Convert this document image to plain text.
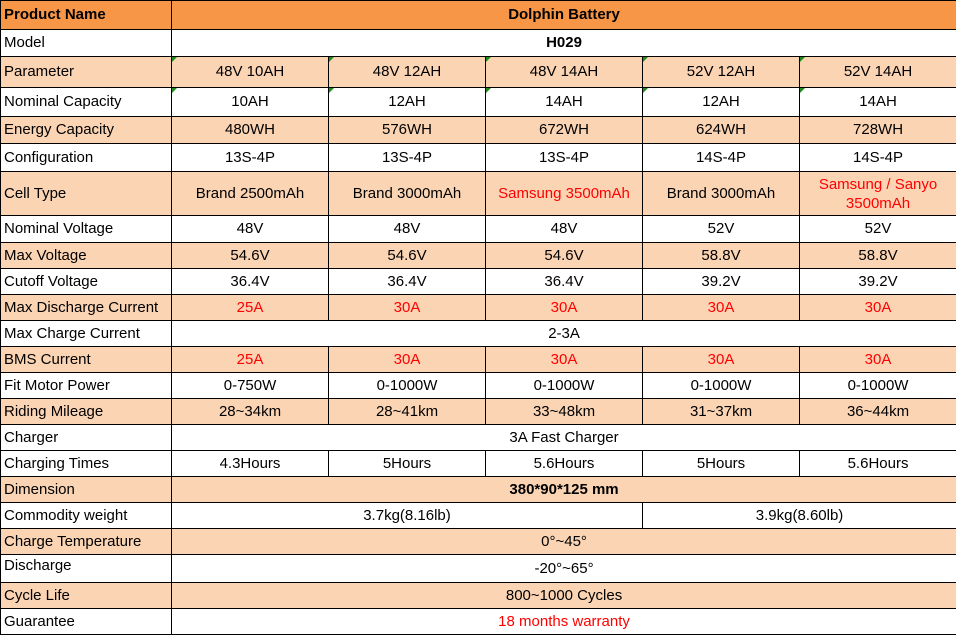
Product Name	Dolphin Battery				
Model	H029				
Parameter	48V 10AH	48V 12AH	48V 14AH	52V 12AH	52V 14AH
Nominal Capacity	10AH	12AH	14AH	12AH	14AH
Energy Capacity	480WH	576WH	672WH	624WH	728WH
Configuration	13S-4P	13S-4P	13S-4P	14S-4P	14S-4P
Cell Type	Brand 2500mAh	Brand 3000mAh	Samsung 3500mAh	Brand 3000mAh	Samsung / Sanyo 3500mAh
Nominal Voltage	48V	48V	48V	52V	52V
Max Voltage	54.6V	54.6V	54.6V	58.8V	58.8V
Cutoff Voltage	36.4V	36.4V	36.4V	39.2V	39.2V
Max Discharge Current	25A	30A	30A	30A	30A
Max Charge Current	2-3A				
BMS Current	25A	30A	30A	30A	30A
Fit Motor Power	0-750W	0-1000W	0-1000W	0-1000W	0-1000W
Riding Mileage	28~34km	28~41km	33~48km	31~37km	36~44km
Charger	3A Fast Charger				
Charging Times	4.3Hours	5Hours	5.6Hours	5Hours	5.6Hours
Dimension	380*90*125 mm				
Commodity weight	3.7kg(8.16lb)			3.9kg(8.60lb)	
Charge Temperature	0°~45°				
Discharge	-20°~65°				
Cycle Life	800~1000 Cycles				
Guarantee	18 months warranty				
